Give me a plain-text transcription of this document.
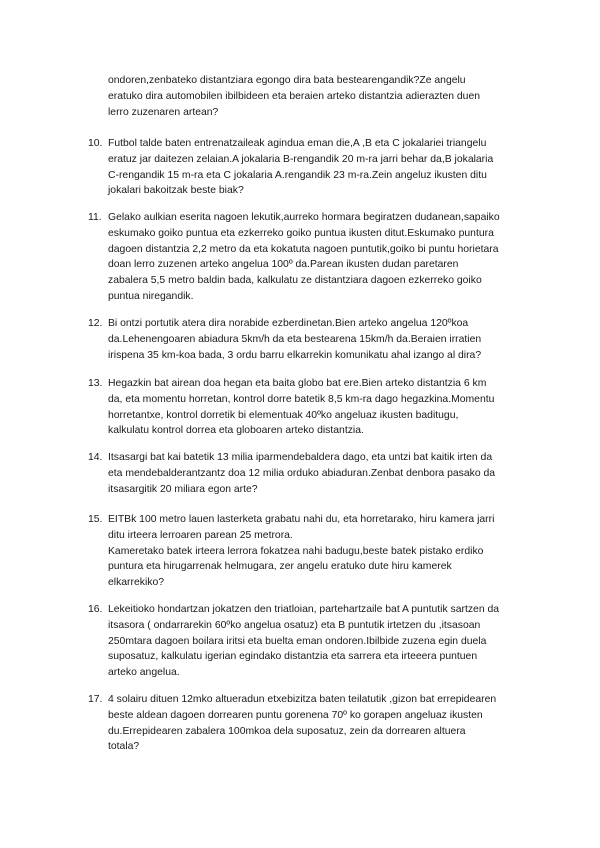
ondoren,zenbateko distantziara egongo dira bata bestearengandik?Ze angelu
eratuko dira automobilen ibilbideen eta beraien arteko distantzia adierazten duen
lerro zuzenaren artean?
10. Futbol talde baten entrenatzaileak agindua eman die,A ,B eta C jokalariei triangelu
eratuz jar daitezen zelaian.A jokalaria B-rengandik 20 m-ra jarri behar da,B jokalaria
C-rengandik 15 m-ra eta C jokalaria A.rengandik 23 m-ra.Zein angeluz ikusten ditu
jokalari bakoitzak beste biak?
11. Gelako aulkian eserita nagoen lekutik,aurreko hormara begiratzen dudanean,sapaiko
eskumako goiko puntua eta ezkerreko goiko puntua ikusten ditut.Eskumako puntura
dagoen distantzia 2,2 metro da eta kokatuta nagoen puntutik,goiko bi puntu horietara
doan lerro zuzenen arteko angelua 100º da.Parean ikusten dudan paretaren
zabalera 5,5 metro baldin bada, kalkulatu ze distantziara dagoen ezkerreko goiko
puntua niregandik.
12. Bi ontzi portutik atera dira norabide ezberdinetan.Bien arteko angelua 120ºkoa
da.Lehenengoaren abiadura 5km/h da eta bestearena 15km/h da.Beraien irratien
irispena 35 km-koa bada, 3 ordu barru elkarrekin komunikatu ahal izango al dira?
13. Hegazkin bat airean doa hegan eta baita globo bat ere.Bien arteko distantzia 6 km
da, eta momentu horretan, kontrol dorre batetik 8,5 km-ra dago hegazkina.Momentu
horretantxe, kontrol dorretik bi elementuak 40ºko angeluaz ikusten baditugu,
kalkulatu kontrol dorrea eta globoaren arteko distantzia.
14. Itsasargi bat kai batetik 13 milia iparmendebaldera dago, eta untzi bat kaitik irten da
eta mendebalderantzantz doa 12 milia orduko abiaduran.Zenbat denbora pasako da
itsasargitik 20 miliara egon arte?
15. EITBk 100 metro lauen lasterketa grabatu nahi du, eta horretarako, hiru kamera jarri
ditu irteera lerroaren parean 25 metrora.
Kameretako batek irteera lerrora fokatzea nahi badugu,beste batek pistako erdiko
puntura eta hirugarrenak helmugara, zer angelu eratuko dute hiru kamerek
elkarrekiko?
16. Lekeitioko hondartzan jokatzen den triatloian, partehartzaile bat A puntutik sartzen da
itsasora ( ondarrarekin 60ºko angelua osatuz) eta B puntutik irtetzen du ,itsasoan
250mtara dagoen boilara iritsi eta buelta eman ondoren.Ibilbide zuzena egin duela
suposatuz, kalkulatu igerian egindako distantzia eta sarrera eta irteeera puntuen
arteko angelua.
17. 4 solairu dituen 12mko altueradun etxebizitza baten teilatutik ,gizon bat errepidearen
beste aldean dagoen dorrearen puntu gorenena 70º ko gorapen angeluaz ikusten
du.Errepidearen zabalera 100mkoa dela suposatuz, zein da dorrearen altuera
totala?
